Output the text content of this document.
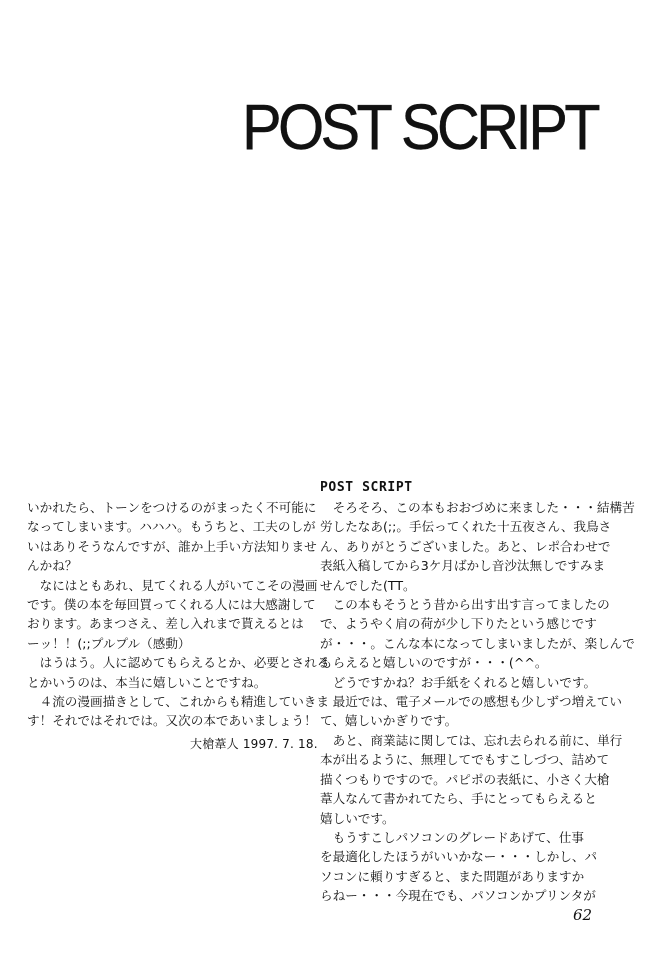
POST SCRIPT

いかれたら、トーンをつけるのがまったく不可能に

なってしまいます。ハハハ。もうちと、工夫のしが

いはありそうなんですが、誰か上手い方法知りませ

んかね？

　なにはともあれ、見てくれる人がいてこその漫画

です。僕の本を毎回買ってくれる人には大感謝して

おります。あまつさえ、差し入れまで貰えるとは

ーッ！！(;;プルプル（感動）

　はうはう。人に認めてもらえるとか、必要とされる

とかいうのは、本当に嬉しいことですね。

　４流の漫画描きとして、これからも精進していきま

す！それではそれでは。又次の本であいましょう！

大槍葦人 1997. 7. 18.
POST SCRIPT

　そろそろ、この本もおおづめに来ました・・・結構苦

労したなあ(;;。手伝ってくれた十五夜さん、我鳥さ

ん、ありがとうございました。あと、レポ合わせで

表紙入稿してから3ケ月ばかし音沙汰無しですみま

せんでした(TT。

　この本もそうとう昔から出す出す言ってましたの

で、ようやく肩の荷が少し下りたという感じです

が・・・。こんな本になってしまいましたが、楽しんで

もらえると嬉しいのですが・・・(^^。

　どうですかね？お手紙をくれると嬉しいです。

　最近では、電子メールでの感想も少しずつ増えてい

て、嬉しいかぎりです。

　あと、商業誌に関しては、忘れ去られる前に、単行

本が出るように、無理してでもすこしづつ、詰めて

描くつもりですので。パピポの表紙に、小さく大槍

葦人なんて書かれてたら、手にとってもらえると

嬉しいです。

　もうすこしパソコンのグレードあげて、仕事

を最適化したほうがいいかなー・・・しかし、パ

ソコンに頼りすぎると、また問題がありますか

らねー・・・今現在でも、パソコンかプリンタが

62
